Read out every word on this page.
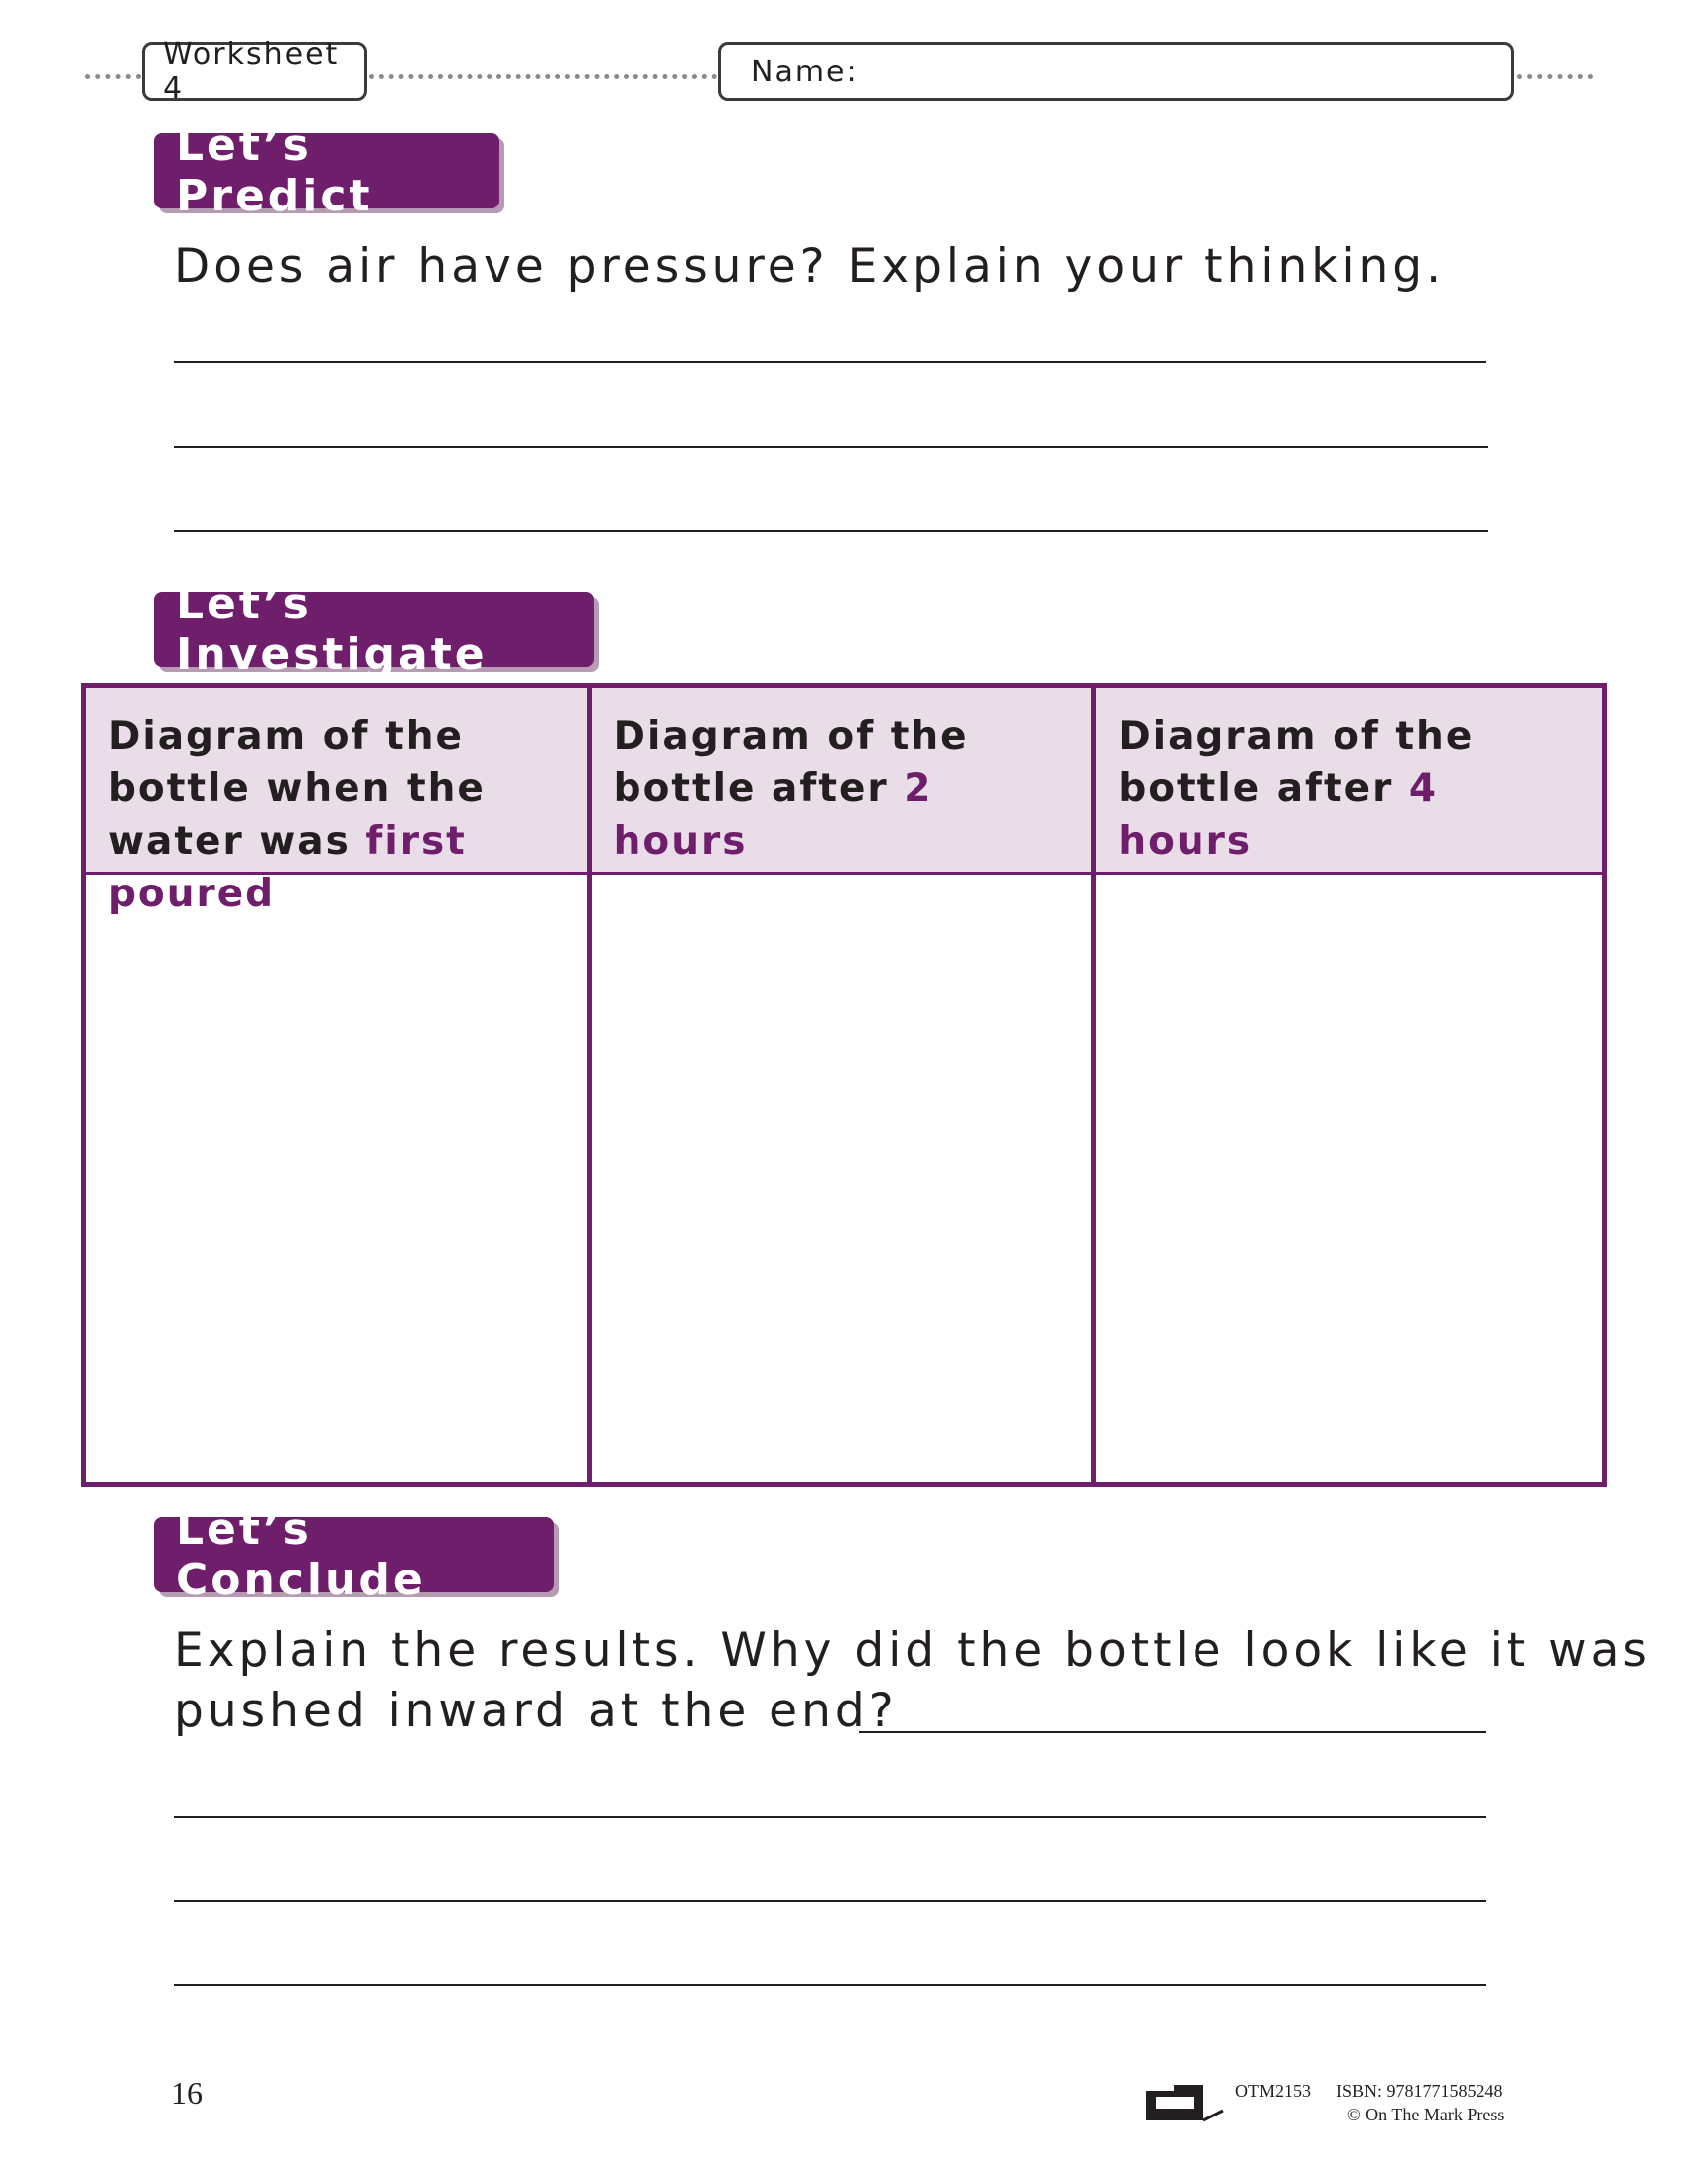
Worksheet 4	Name:
Let’s Predict
Does air have pressure? Explain your thinking.
Let’s Investigate
Diagram of the bottle when the water was first poured
Diagram of the bottle after 2 hours
Diagram of the bottle after 4 hours
Let’s Conclude
Explain the results. Why did the bottle look like it was
pushed inward at the end?
16	OTM2153 ISBN: 9781771585248
© On The Mark Press
